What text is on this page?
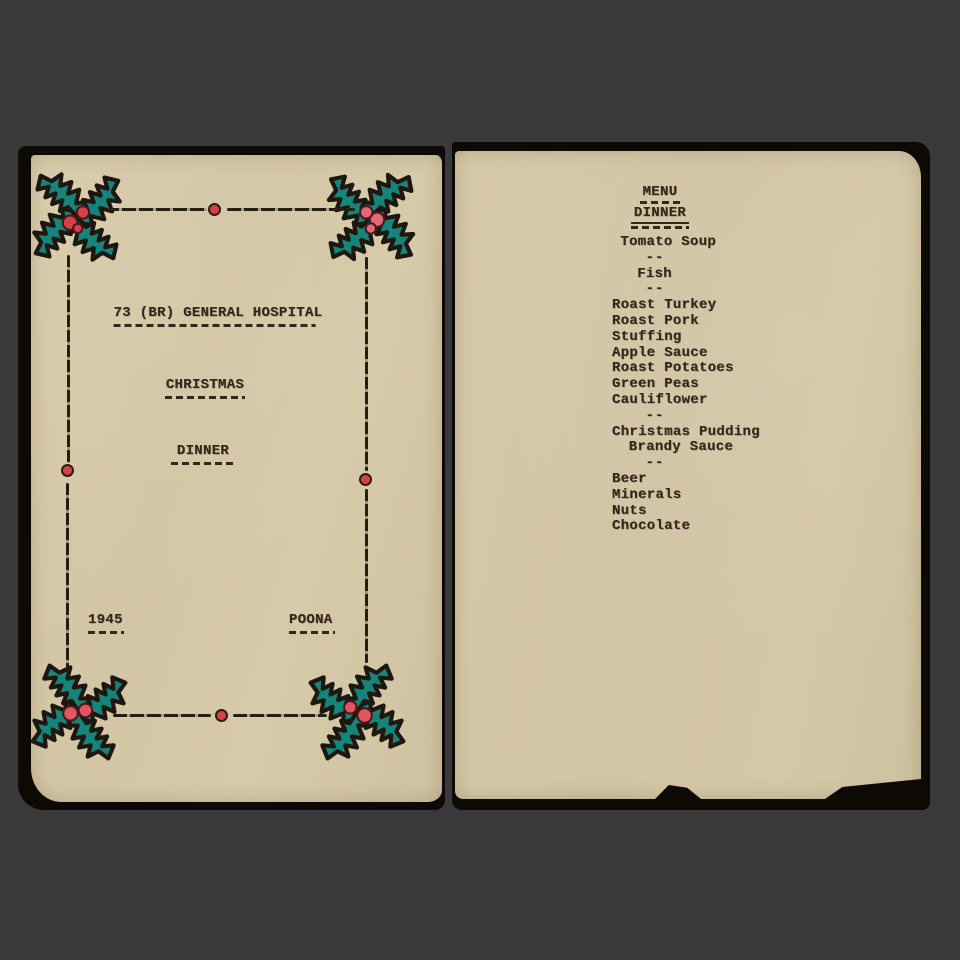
73 (BR) GENERAL HOSPITAL
CHRISTMAS
DINNER
1945	POONA
MENU
DINNER
Tomato Soup
--
Fish
--
Roast Turkey
Roast Pork
Stuffing
Apple Sauce
Roast Potatoes
Green Peas
Cauliflower
--
Christmas Pudding
Brandy Sauce
--
Beer
Minerals
Nuts
Chocolate
